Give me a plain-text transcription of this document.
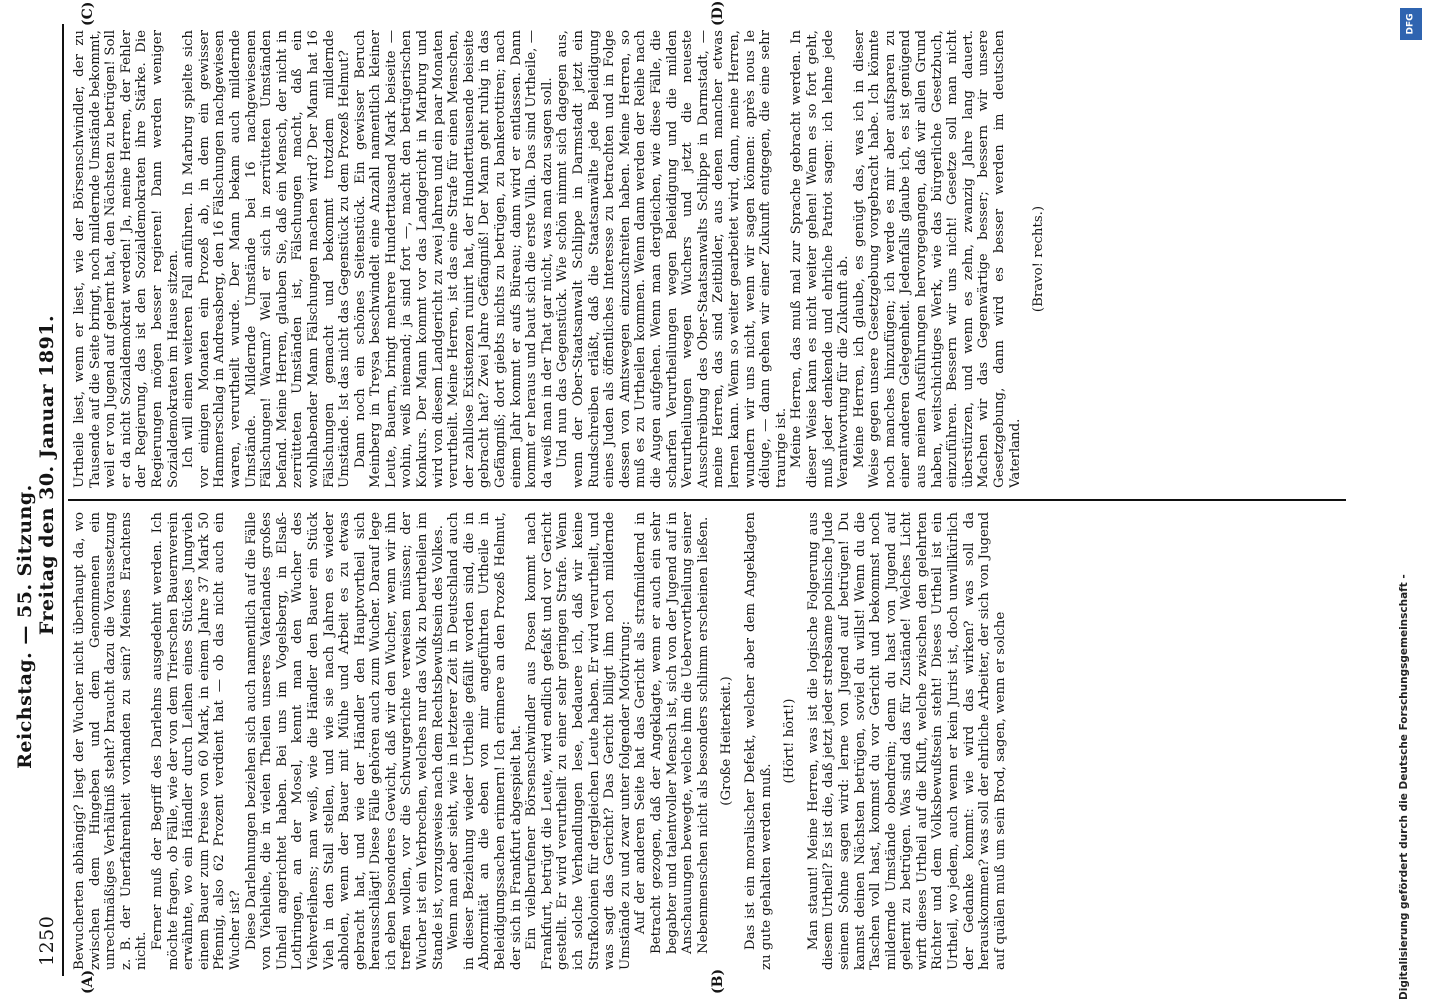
1250
Reichstag. — 55. Sitzung.  Freitag den 30. Januar 1891.
(A)	(B)
(C)	(D)

Bewucherten abhängig? liegt der Wucher nicht überhaupt da, wo zwischen dem Hingeben und dem Genommenen ein unrechtmäßiges Verhältniß steht? braucht dazu die Voraussetzung z. B. der Unerfahrenheit vorhanden zu sein? Meines Erachtens nicht.

Ferner muß der Begriff des Darlehns ausgedehnt werden. Ich möchte fragen, ob Fälle, wie der von dem Trierschen Bauernverein erwähnte, wo ein Händler durch Leihen eines Stückes Jungvieh einem Bauer zum Preise von 60 Mark, in einem Jahre 37 Mark 50 Pfennig, also 62 Prozent verdient hat — ob das nicht auch ein Wucher ist? Diese Darlehnungen beziehen sich auch namentlich auf die Fälle von Viehleihe, die in vielen Theilen unseres Vaterlandes großes Unheil angerichtet haben. Bei uns im Vogelsberg, in Elsaß-Lothringen, an der Mosel, kennt man den Wucher des Viehverleihens; man weiß, wie die Händler den Bauer ein Stück Vieh in den Stall stellen, und wie sie nach Jahren es wieder abholen, wenn der Bauer mit Mühe und Arbeit es zu etwas gebracht hat, und wie der Händler den Hauptvortheil sich herausschlägt! Diese Fälle gehören auch zum Wucher. Darauf lege ich eben besonderes Gewicht, daß wir den Wucher, wenn wir ihn treffen wollen, vor die Schwurgerichte verweisen müssen; der Wucher ist ein Verbrechen, welches nur das Volk zu beurtheilen im Stande ist, vorzugsweise nach dem Rechtsbewußtsein des Volkes. Wenn man aber sieht, wie in letzterer Zeit in Deutschland auch in dieser Beziehung wieder Urtheile gefällt worden sind, die in Abnormität an die eben von mir angeführten Urtheile in Beleidigungssachen erinnern! Ich erinnere an den Prozeß Helmut, der sich in Frankfurt abgespielt hat. Ein vielberufener Börsenschwindler aus Posen kommt nach Frankfurt, betrügt die Leute, wird endlich gefaßt und vor Gericht gestellt. Er wird verurtheilt zu einer sehr geringen Strafe. Wenn ich solche Verhandlungen lese, bedauere ich, daß wir keine Strafkolonien für dergleichen Leute haben. Er wird verurtheilt, und was sagt das Gericht? Das Gericht billigt ihm noch mildernde Umstände zu und zwar unter folgender Motivirung: Auf der anderen Seite hat das Gericht als strafmildernd in Betracht gezogen, daß der Angeklagte, wenn er auch ein sehr begabter und talentvoller Mensch ist, sich von der Jugend auf in Anschauungen bewegte, welche ihm die Uebervortheilung seiner Nebenmenschen nicht als besonders schlimm erscheinen ließen. (Große Heiterkeit.) Das ist ein moralischer Defekt, welcher aber dem Angeklagten zu gute gehalten werden muß.

(Hört! hört!) Man staunt! Meine Herren, was ist die logische Folgerung aus diesem Urtheil? Es ist die, daß jetzt jeder strebsame polnische Jude seinem Sohne sagen wird: lerne von Jugend auf betrügen! Du kannst deinen Nächsten betrügen, soviel du willst! Wenn du die Taschen voll hast, kommst du vor Gericht und bekommst noch mildernde Umstände obendrein; denn du hast von Jugend auf gelernt zu betrügen. Was sind das für Zustände! Welches Licht wirft dieses Urtheil auf die Kluft, welche zwischen den gelehrten Richter und dem Volksbewußtsein steht! Dieses Urtheil ist ein Urtheil, wo jedem, auch wenn er kein Jurist ist, doch unwillkürlich der Gedanke kommt: wie wird das wirken? was soll da herauskommen? was soll der ehrliche Arbeiter, der sich von Jugend auf quälen muß um sein Brod, sagen, wenn er solche

Urtheile liest, wenn er liest, wie der Börsenschwindler, der zu Tausende auf die Seite bringt, noch mildernde Umstände bekommt, weil er von Jugend auf gelernt hat, den Nächsten zu betrügen! Soll er da nicht Sozialdemokrat werden! Ja, meine Herren, der Fehler der Regierung, das ist den Sozialdemokraten ihre Stärke. Die Regierungen mögen besser regieren! Dann werden weniger Sozialdemokraten im Hause sitzen. Ich will einen weiteren Fall anführen. In Marburg spielte sich vor einigen Monaten ein Prozeß ab, in dem ein gewisser Hammerschlag in Andreasberg, den 16 Fälschungen nachgewiesen waren, verurtheilt wurde. Der Mann bekam auch mildernde Umstände. Mildernde Umstände bei 16 nachgewiesenen Fälschungen! Warum? Weil er sich in zerrütteten Umständen befand. Meine Herren, glauben Sie, daß ein Mensch, der nicht in zerrütteten Umständen ist, Fälschungen macht, daß ein wohlhabender Mann Fälschungen machen wird? Der Mann hat 16 Fälschungen gemacht und bekommt trotzdem mildernde Umstände. Ist das nicht das Gegenstück zu dem Prozeß Helmut? Dann noch ein schönes Seitenstück. Ein gewisser Beruch Meinberg in Treysa beschwindelt eine Anzahl namentlich kleiner Leute, Bauern, bringt mehrere Hunderttausend Mark beiseite — wohin, weiß niemand; ja sind fort —, macht den betrügerischen Konkurs. Der Mann kommt vor das Landgericht in Marburg und wird von diesem Landgericht zu zwei Jahren und ein paar Monaten verurtheilt. Meine Herren, ist das eine Strafe für einen Menschen, der zahllose Existenzen ruinirt hat, der Hunderttausende beiseite gebracht hat? Zwei Jahre Gefängniß! Der Mann geht ruhig in das Gefängniß; dort giebts nichts zu betrügen, zu bankerottiren; nach einem Jahr kommt er aufs Büreau; dann wird er entlassen. Dann kommt er heraus und baut sich die erste Villa. Das sind Urtheile, — da weiß man in der That gar nicht, was man dazu sagen soll. Und nun das Gegenstück. Wie schön nimmt sich dagegen aus, wenn der Ober-Staatsanwalt Schlippe in Darmstadt jetzt ein Rundschreiben erläßt, daß die Staatsanwälte jede Beleidigung eines Juden als öffentliches Interesse zu betrachten und in Folge dessen von Amtswegen einzuschreiten haben. Meine Herren, so muß es zu Urtheilen kommen. Wenn dann werden der Reihe nach die Augen aufgehen. Wenn man dergleichen, wie diese Fälle, die scharfen Verurtheilungen wegen Beleidigung und die milden Verurtheilungen wegen Wuchers und jetzt die neueste Ausschreibung des Ober-Staatsanwalts Schlippe in Darmstadt, — meine Herren, das sind Zeitbilder, aus denen mancher etwas lernen kann. Wenn so weiter gearbeitet wird, dann, meine Herren, wundern wir uns nicht, wenn wir sagen können: après nous le déluge, — dann gehen wir einer Zukunft entgegen, die eine sehr traurige ist. Meine Herren, das muß mal zur Sprache gebracht werden. In dieser Weise kann es nicht weiter gehen! Wenn es so fort geht, muß jeder denkende und ehrliche Patriot sagen: ich lehne jede Verantwortung für die Zukunft ab. Meine Herren, ich glaube, es genügt das, was ich in dieser Weise gegen unsere Gesetzgebung vorgebracht habe. Ich könnte noch manches hinzufügen; ich werde es mir aber aufsparen zu einer anderen Gelegenheit. Jedenfalls glaube ich, es ist genügend aus meinen Ausführungen hervorgegangen, daß wir allen Grund haben, weitschichtiges Werk, wie das bürgerliche Gesetzbuch, einzuführen. Bessern wir uns nicht! Gesetze soll man nicht überstürzen, und wenn es zehn, zwanzig Jahre lang dauert. Machen wir das Gegenwärtige besser; bessern wir unsere Gesetzgebung, dann wird es besser werden im deutschen Vaterland.

(Bravo! rechts.)

DFG
Digitalisierung gefördert durch die Deutsche Forschungsgemeinschaft -
